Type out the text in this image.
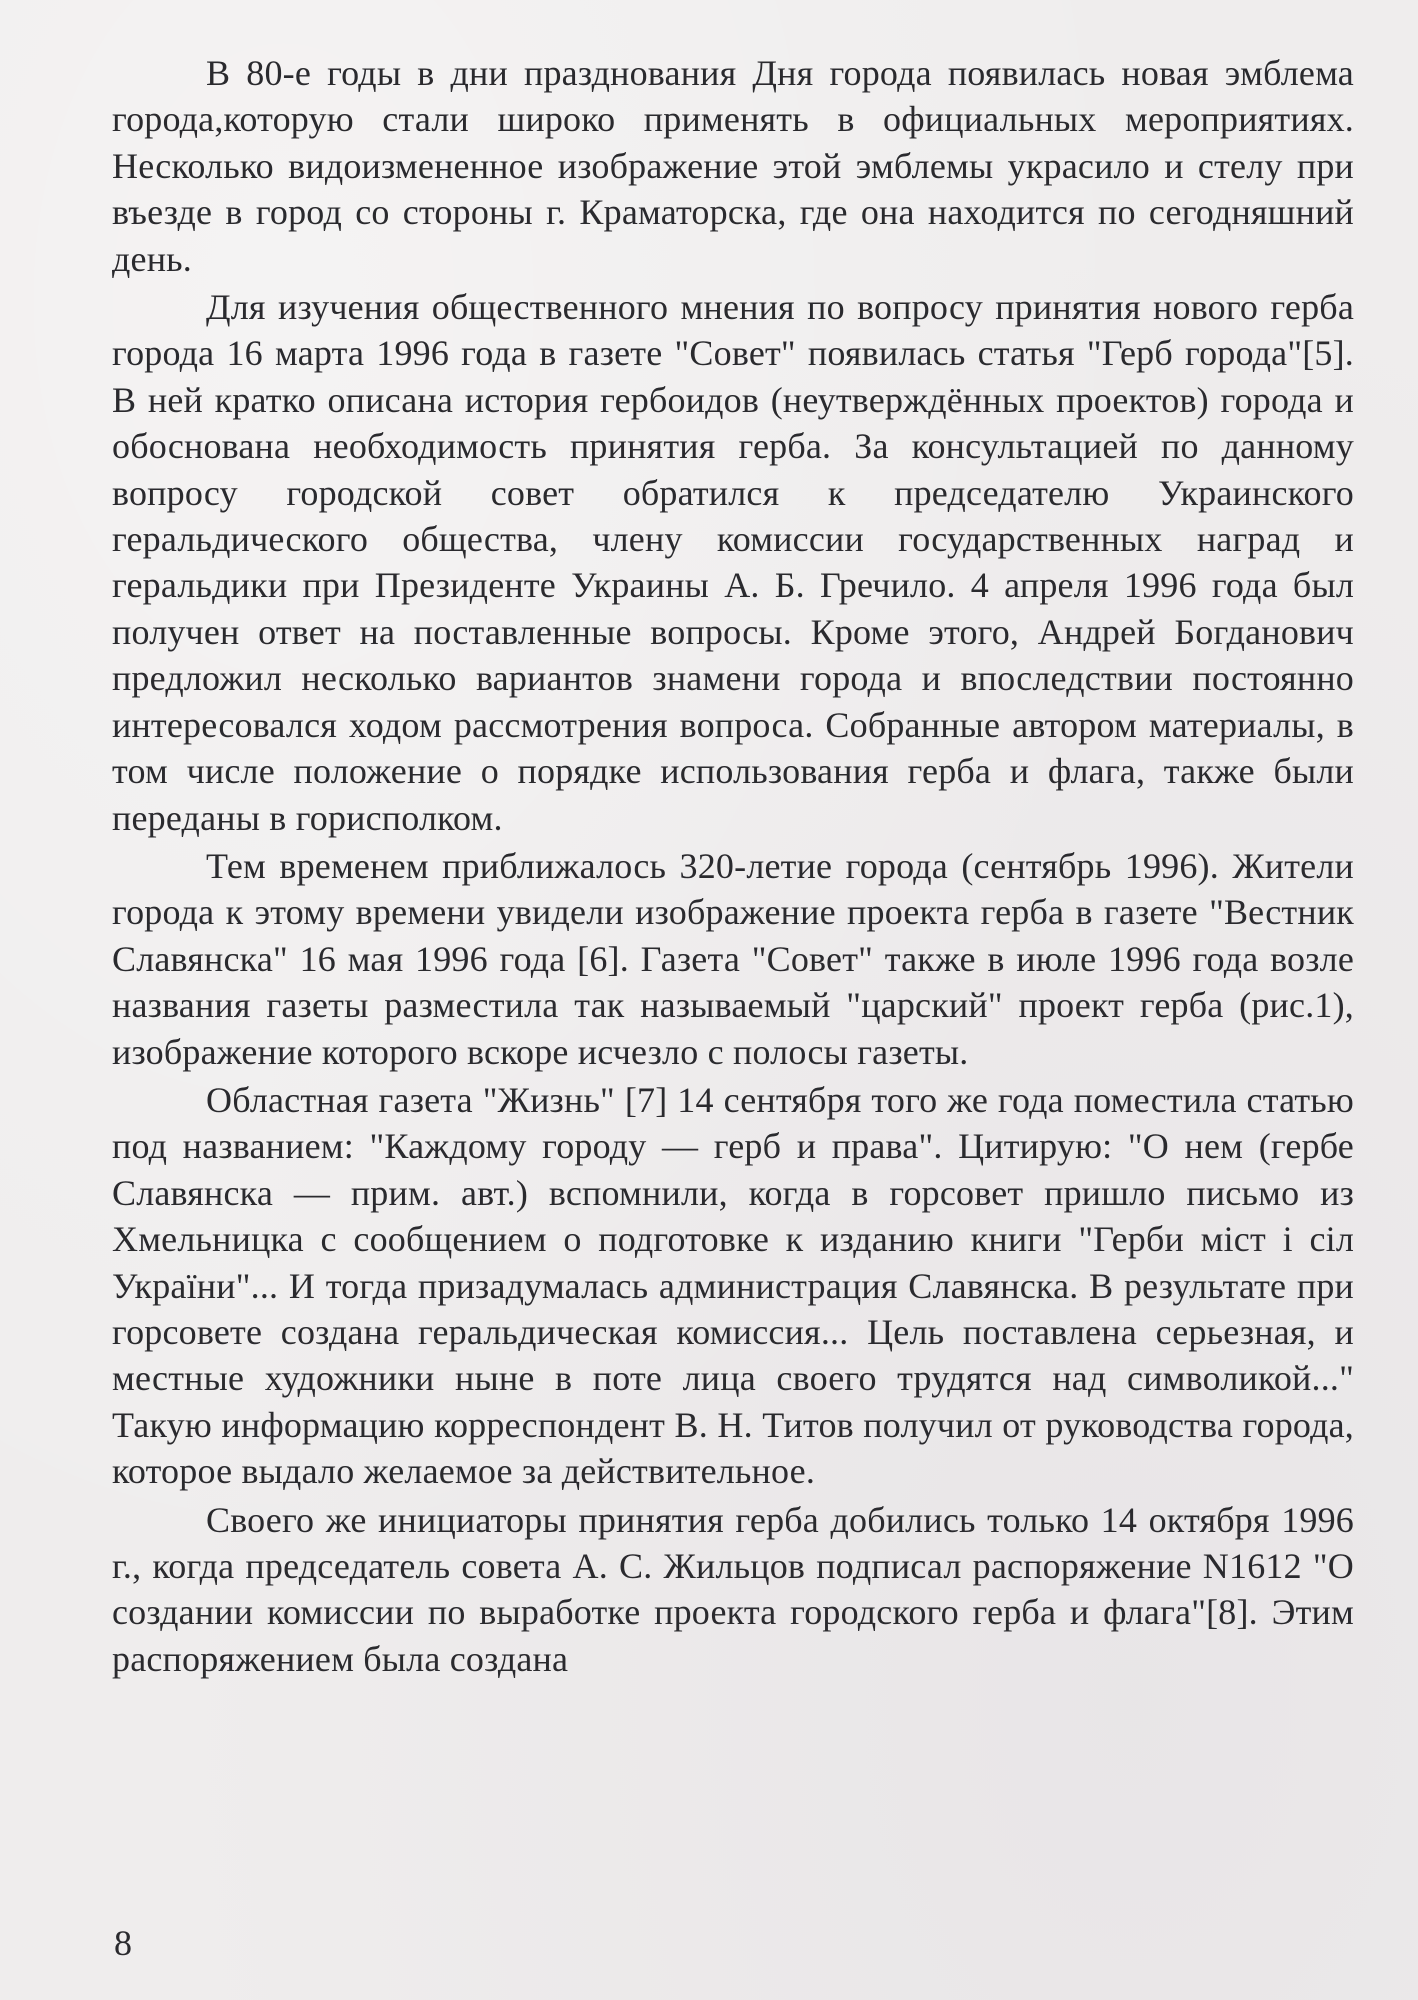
В 80-е годы в дни празднования Дня города появилась новая эмблема города,которую стали широко применять в официальных мероприятиях. Несколько видоизмененное изображение этой эмблемы украсило и стелу при въезде в город со стороны г. Краматорска, где она находится по сегодняшний день.

Для изучения общественного мнения по вопросу принятия нового герба города 16 марта 1996 года в газете "Совет" появилась статья "Герб города"[5]. В ней кратко описана история гербоидов (неутверждённых проектов) города и обоснована необходимость принятия герба. За консультацией по данному вопросу городской совет обратился к председателю Украинского геральдического общества, члену комиссии государственных наград и геральдики при Президенте Украины А. Б. Гречило. 4 апреля 1996 года был получен ответ на поставленные вопросы. Кроме этого, Андрей Богданович предложил несколько вариантов знамени города и впоследствии постоянно интересовался ходом рассмотрения вопроса. Собранные автором материалы, в том числе положение о порядке использования герба и флага, также были переданы в горисполком.

Тем временем приближалось 320-летие города (сентябрь 1996). Жители города к этому времени увидели изображение проекта герба в газете "Вестник Славянска" 16 мая 1996 года [6]. Газета "Совет" также в июле 1996 года возле названия газеты разместила так называемый "царский" проект герба (рис.1), изображение которого вскоре исчезло с полосы газеты.

Областная газета "Жизнь" [7] 14 сентября того же года поместила статью под названием: "Каждому городу — герб и права". Цитирую: "О нем (гербе Славянска — прим. авт.) вспомнили, когда в горсовет пришло письмо из Хмельницка с сообщением о подготовке к изданию книги "Герби міст і сіл України"... И тогда призадумалась администрация Славянска. В результате при горсовете создана геральдическая комиссия... Цель поставлена серьезная, и местные художники ныне в поте лица своего трудятся над символикой..." Такую информацию корреспондент В. Н. Титов получил от руководства города, которое выдало желаемое за действительное.

Своего же инициаторы принятия герба добились только 14 октября 1996 г., когда председатель совета А. С. Жильцов подписал распоряжение N1612 "О создании комиссии по выработке проекта городского герба и флага"[8]. Этим распоряжением была создана

8
